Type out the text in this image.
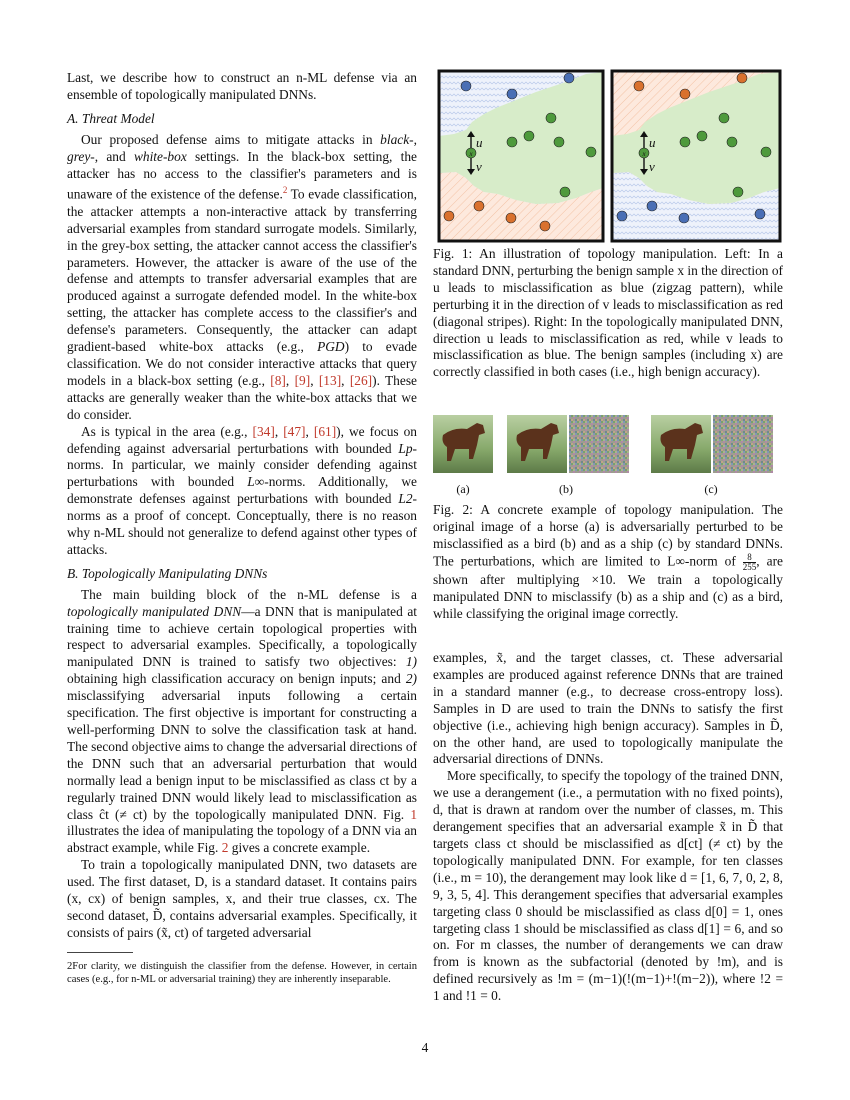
Last, we describe how to construct an n-ML defense via an ensemble of topologically manipulated DNNs.

A. Threat Model

Our proposed defense aims to mitigate attacks in black-, grey-, and white-box settings. In the black-box setting, the attacker has no access to the classifier's parameters and is unaware of the existence of the defense.$^2$ To evade classification, the attacker attempts a non-interactive attack by transferring adversarial examples from standard surrogate models. Similarly, in the grey-box setting, the attacker cannot access the classifier's parameters. However, the attacker is aware of the use of the defense and attempts to transfer adversarial examples that are produced against a surrogate defended model. In the white-box setting, the attacker has complete access to the classifier's and defense's parameters. Consequently, the attacker can adapt gradient-based white-box attacks (e.g., PGD) to evade classification. We do not consider interactive attacks that query models in a black-box setting (e.g., [8], [9], [13], [26]). These attacks are generally weaker than the white-box attacks that we do consider.

As is typical in the area (e.g., [34], [47], [61]), we focus on defending against adversarial perturbations with bounded Lp-norms. In particular, we mainly consider defending against perturbations with bounded L∞-norms. Additionally, we demonstrate defenses against perturbations with bounded L2-norms as a proof of concept. Conceptually, there is no reason why n-ML should not generalize to defend against other types of attacks.

B. Topologically Manipulating DNNs

The main building block of the n-ML defense is a topologically manipulated DNN—a DNN that is manipulated at training time to achieve certain topological properties with respect to adversarial examples. Specifically, a topologically manipulated DNN is trained to satisfy two objectives: 1) obtaining high classification accuracy on benign inputs; and 2) misclassifying adversarial inputs following a certain specification. The first objective is important for constructing a well-performing DNN to solve the classification task at hand. The second objective aims to change the adversarial directions of the DNN such that an adversarial perturbation that would normally lead a benign input to be misclassified as class ct by a regularly trained DNN would likely lead to misclassification as class ĉt (≠ ct) by the topologically manipulated DNN. Fig. 1 illustrates the idea of manipulating the topology of a DNN via an abstract example, while Fig. 2 gives a concrete example.

To train a topologically manipulated DNN, two datasets are used. The first dataset, D, is a standard dataset. It contains pairs (x, cx) of benign samples, x, and their true classes, cx. The second dataset, D̃, contains adversarial examples. Specifically, it consists of pairs (x̃, ct) of targeted adversarial

2For clarity, we distinguish the classifier from the defense. However, in certain cases (e.g., for n-ML or adversarial training) they are inherently inseparable.
x
u
v
x
u
v
Fig. 1: An illustration of topology manipulation. Left: In a standard DNN, perturbing the benign sample x in the direction of u leads to misclassification as blue (zigzag pattern), while perturbing it in the direction of v leads to misclassification as red (diagonal stripes). Right: In the topologically manipulated DNN, direction u leads to misclassification as red, while v leads to misclassification as blue. The benign samples (including x) are correctly classified in both cases (i.e., high benign accuracy).
(a)	(b)	(c)
Fig. 2: A concrete example of topology manipulation. The original image of a horse (a) is adversarially perturbed to be misclassified as a bird (b) and as a ship (c) by standard DNNs. The perturbations, which are limited to L∞-norm of $\frac{8}{255}$ , are shown after multiplying ×10. We train a topologically manipulated DNN to misclassify (b) as a ship and (c) as a bird, while classifying the original image correctly.

examples, x̃, and the target classes, ct. These adversarial examples are produced against reference DNNs that are trained in a standard manner (e.g., to decrease cross-entropy loss). Samples in D are used to train the DNNs to satisfy the first objective (i.e., achieving high benign accuracy). Samples in D̃, on the other hand, are used to topologically manipulate the adversarial directions of DNNs.

More specifically, to specify the topology of the trained DNN, we use a derangement (i.e., a permutation with no fixed points), d, that is drawn at random over the number of classes, m. This derangement specifies that an adversarial example x̃ in D̃ that targets class ct should be misclassified as d[ct] (≠ ct) by the topologically manipulated DNN. For example, for ten classes (i.e., m = 10), the derangement may look like d = [1, 6, 7, 0, 2, 8, 9, 3, 5, 4]. This derangement specifies that adversarial examples targeting class 0 should be misclassified as class d[0] = 1, ones targeting class 1 should be misclassified as class d[1] = 6, and so on. For m classes, the number of derangements we can draw from is known as the subfactorial (denoted by !m), and is defined recursively as !m = (m−1)(!(m−1)+!(m−2)), where !2 = 1 and !1 = 0.

4
